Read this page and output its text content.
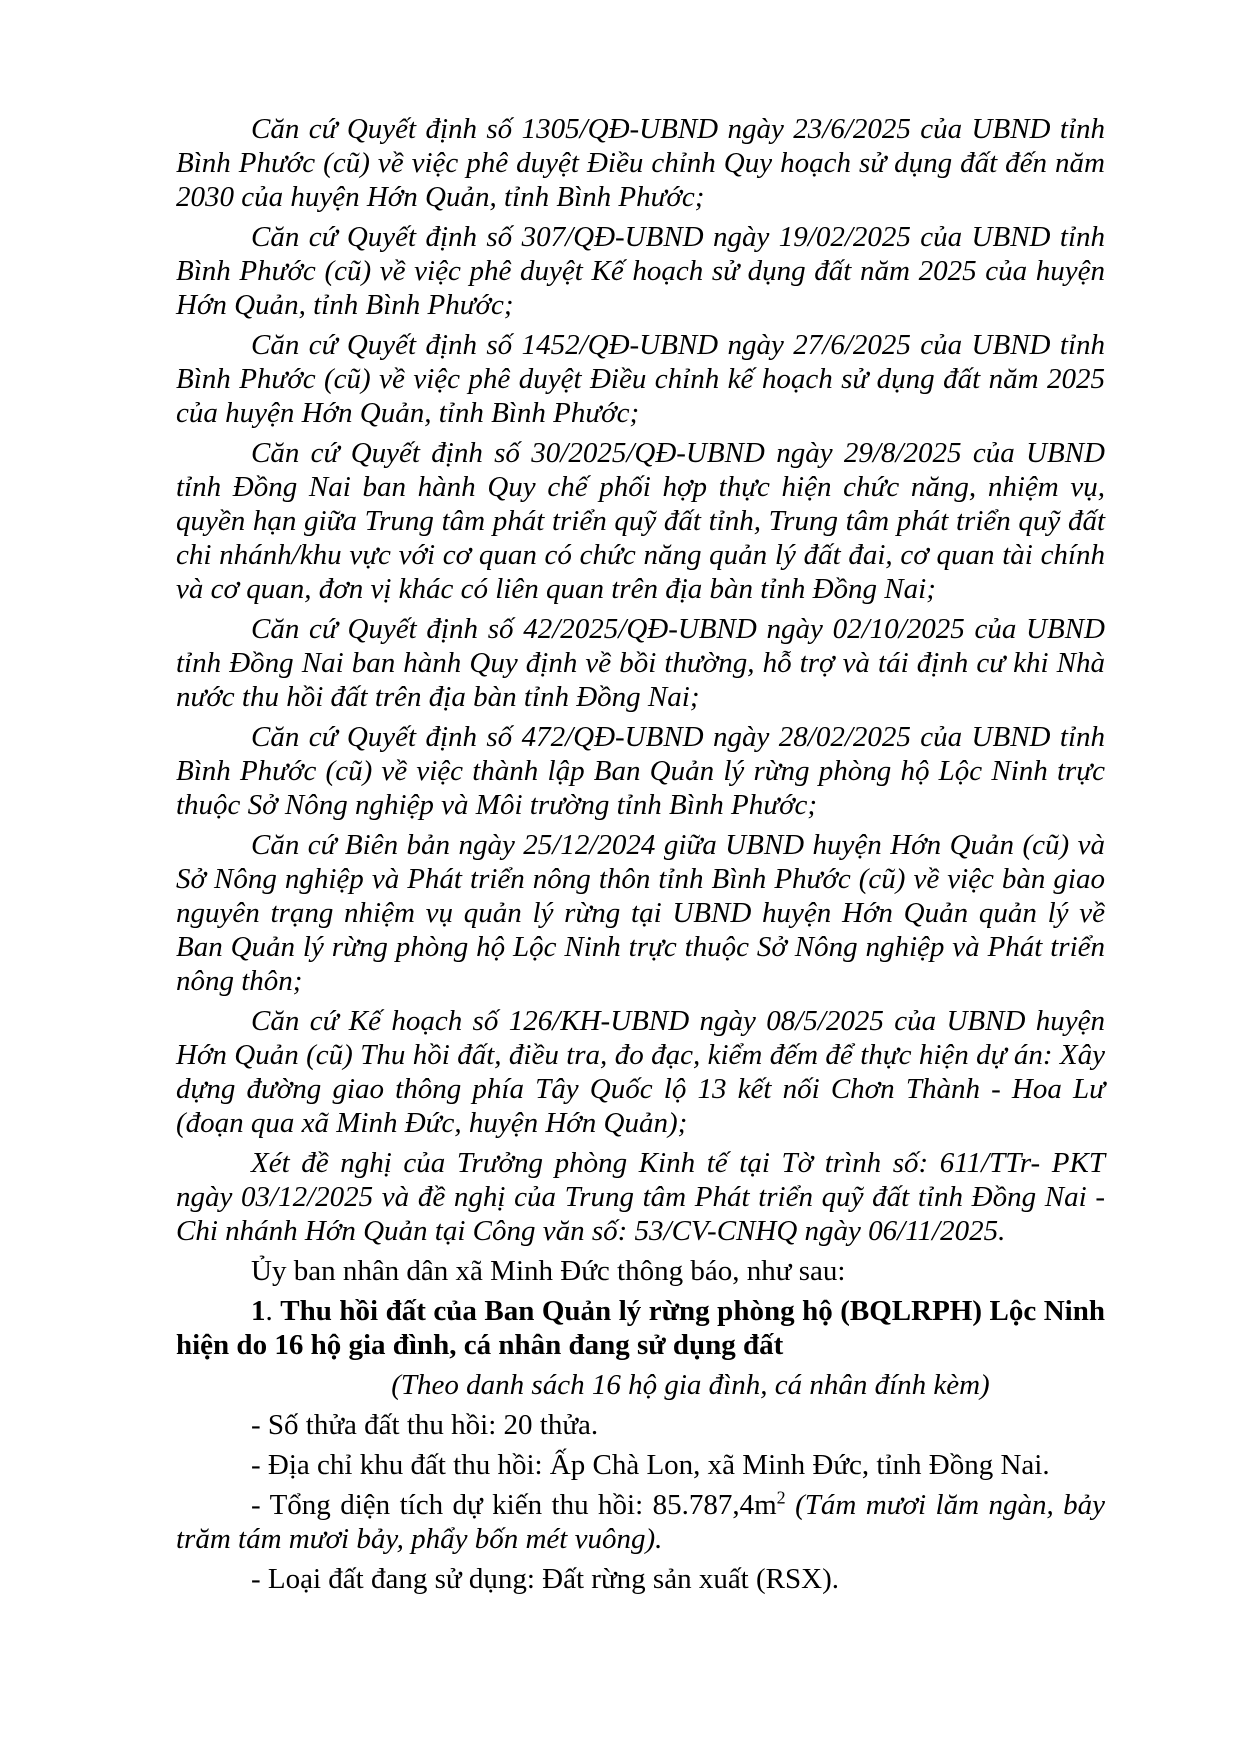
Căn cứ Quyết định số 1305/QĐ-UBND ngày 23/6/2025 của UBND tỉnh Bình Phước (cũ) về việc phê duyệt Điều chỉnh Quy hoạch sử dụng đất đến năm 2030 của huyện Hớn Quản, tỉnh Bình Phước;

Căn cứ Quyết định số 307/QĐ-UBND ngày 19/02/2025 của UBND tỉnh Bình Phước (cũ) về việc phê duyệt Kế hoạch sử dụng đất năm 2025 của huyện Hớn Quản, tỉnh Bình Phước;

Căn cứ Quyết định số 1452/QĐ-UBND ngày 27/6/2025 của UBND tỉnh Bình Phước (cũ) về việc phê duyệt Điều chỉnh kế hoạch sử dụng đất năm 2025 của huyện Hớn Quản, tỉnh Bình Phước;

Căn cứ Quyết định số 30/2025/QĐ-UBND ngày 29/8/2025 của UBND tỉnh Đồng Nai ban hành Quy chế phối hợp thực hiện chức năng, nhiệm vụ, quyền hạn giữa Trung tâm phát triển quỹ đất tỉnh, Trung tâm phát triển quỹ đất chi nhánh/khu vực với cơ quan có chức năng quản lý đất đai, cơ quan tài chính và cơ quan, đơn vị khác có liên quan trên địa bàn tỉnh Đồng Nai;

Căn cứ Quyết định số 42/2025/QĐ-UBND ngày 02/10/2025 của UBND tỉnh Đồng Nai ban hành Quy định về bồi thường, hỗ trợ và tái định cư khi Nhà nước thu hồi đất trên địa bàn tỉnh Đồng Nai;

Căn cứ Quyết định số 472/QĐ-UBND ngày 28/02/2025 của UBND tỉnh Bình Phước (cũ) về việc thành lập Ban Quản lý rừng phòng hộ Lộc Ninh trực thuộc Sở Nông nghiệp và Môi trường tỉnh Bình Phước;

Căn cứ Biên bản ngày 25/12/2024 giữa UBND huyện Hớn Quản (cũ) và Sở Nông nghiệp và Phát triển nông thôn tỉnh Bình Phước (cũ) về việc bàn giao nguyên trạng nhiệm vụ quản lý rừng tại UBND huyện Hớn Quản quản lý về Ban Quản lý rừng phòng hộ Lộc Ninh trực thuộc Sở Nông nghiệp và Phát triển nông thôn;

Căn cứ Kế hoạch số 126/KH-UBND ngày 08/5/2025 của UBND huyện Hớn Quản (cũ) Thu hồi đất, điều tra, đo đạc, kiểm đếm để thực hiện dự án: Xây dựng đường giao thông phía Tây Quốc lộ 13 kết nối Chơn Thành - Hoa Lư (đoạn qua xã Minh Đức, huyện Hớn Quản);

Xét đề nghị của Trưởng phòng Kinh tế tại Tờ trình số: 611/TTr- PKT ngày 03/12/2025 và đề nghị của Trung tâm Phát triển quỹ đất tỉnh Đồng Nai - Chi nhánh Hớn Quản tại Công văn số: 53/CV-CNHQ ngày 06/11/2025.

Ủy ban nhân dân xã Minh Đức thông báo, như sau:

1. Thu hồi đất của Ban Quản lý rừng phòng hộ (BQLRPH) Lộc Ninh hiện do 16 hộ gia đình, cá nhân đang sử dụng đất

(Theo danh sách 16 hộ gia đình, cá nhân đính kèm)

- Số thửa đất thu hồi: 20 thửa.

- Địa chỉ khu đất thu hồi: Ấp Chà Lon, xã Minh Đức, tỉnh Đồng Nai.

- Tổng diện tích dự kiến thu hồi: $85.787,4m^2$ (Tám mươi lăm ngàn, bảy trăm tám mươi bảy, phẩy bốn mét vuông).

- Loại đất đang sử dụng: Đất rừng sản xuất (RSX).
